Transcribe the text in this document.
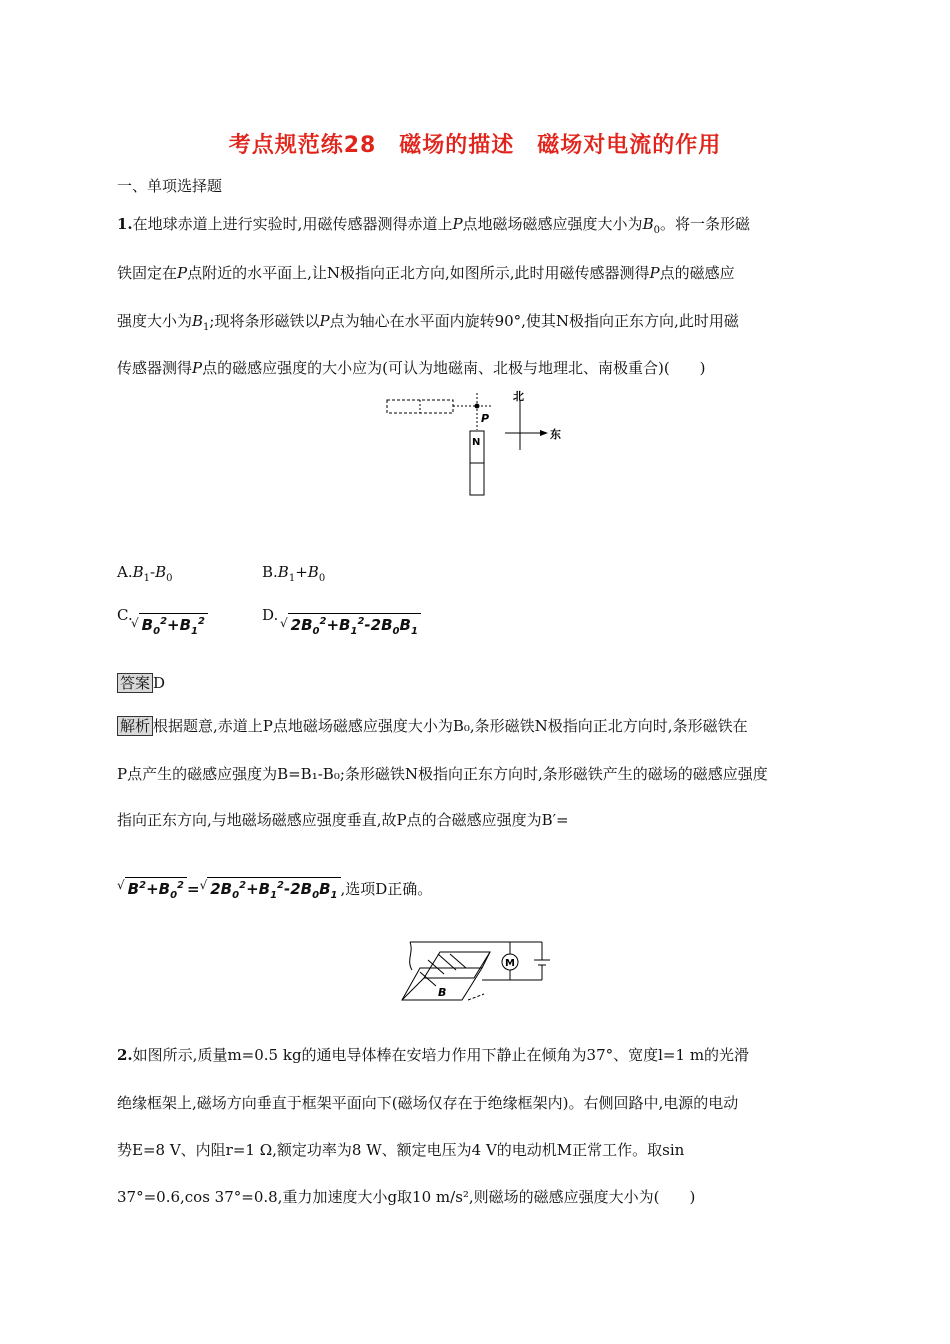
考点规范练28　磁场的描述　磁场对电流的作用
一、单项选择题
1.在地球赤道上进行实验时,用磁传感器测得赤道上P点地磁场磁感应强度大小为$B_0$。将一条形磁
铁固定在P点附近的水平面上,让N极指向正北方向,如图所示,此时用磁传感器测得P点的磁感应
强度大小为$B_1$;现将条形磁铁以P点为轴心在水平面内旋转90°,使其N极指向正东方向,此时用磁
传感器测得P点的磁感应强度的大小应为(可认为地磁南、北极与地理北、南极重合)(　　)
P
N
北
东
$A.B_1-B_0$	$B.B_1+B_0$
C.
√ $B_0^2+B_1^2$	D. √ $2B_0^2+B_1^2-2B_0B_1$
答案 D
解析 根据题意,赤道上P点地磁场磁感应强度大小为B₀,条形磁铁N极指向正北方向时,条形磁铁在
P点产生的磁感应强度为B=B₁-B₀;条形磁铁N极指向正东方向时,条形磁铁产生的磁场的磁感应强度
指向正东方向,与地磁场磁感应强度垂直,故P点的合磁感应强度为B′=
√ $B^2+B_0^2 =^√$ $2B_0^2+B_1^2-2B_0B_1$ ,选项D正确。
B
M
2.如图所示,质量m=0.5 kg的通电导体棒在安培力作用下静止在倾角为37°、宽度l=1 m的光滑
绝缘框架上,磁场方向垂直于框架平面向下(磁场仅存在于绝缘框架内)。右侧回路中,电源的电动
势E=8 V、内阻r=1 Ω,额定功率为8 W、额定电压为4 V的电动机M正常工作。取sin
37°=0.6,cos 37°=0.8,重力加速度大小g取10 m/s²,则磁场的磁感应强度大小为(　　)
